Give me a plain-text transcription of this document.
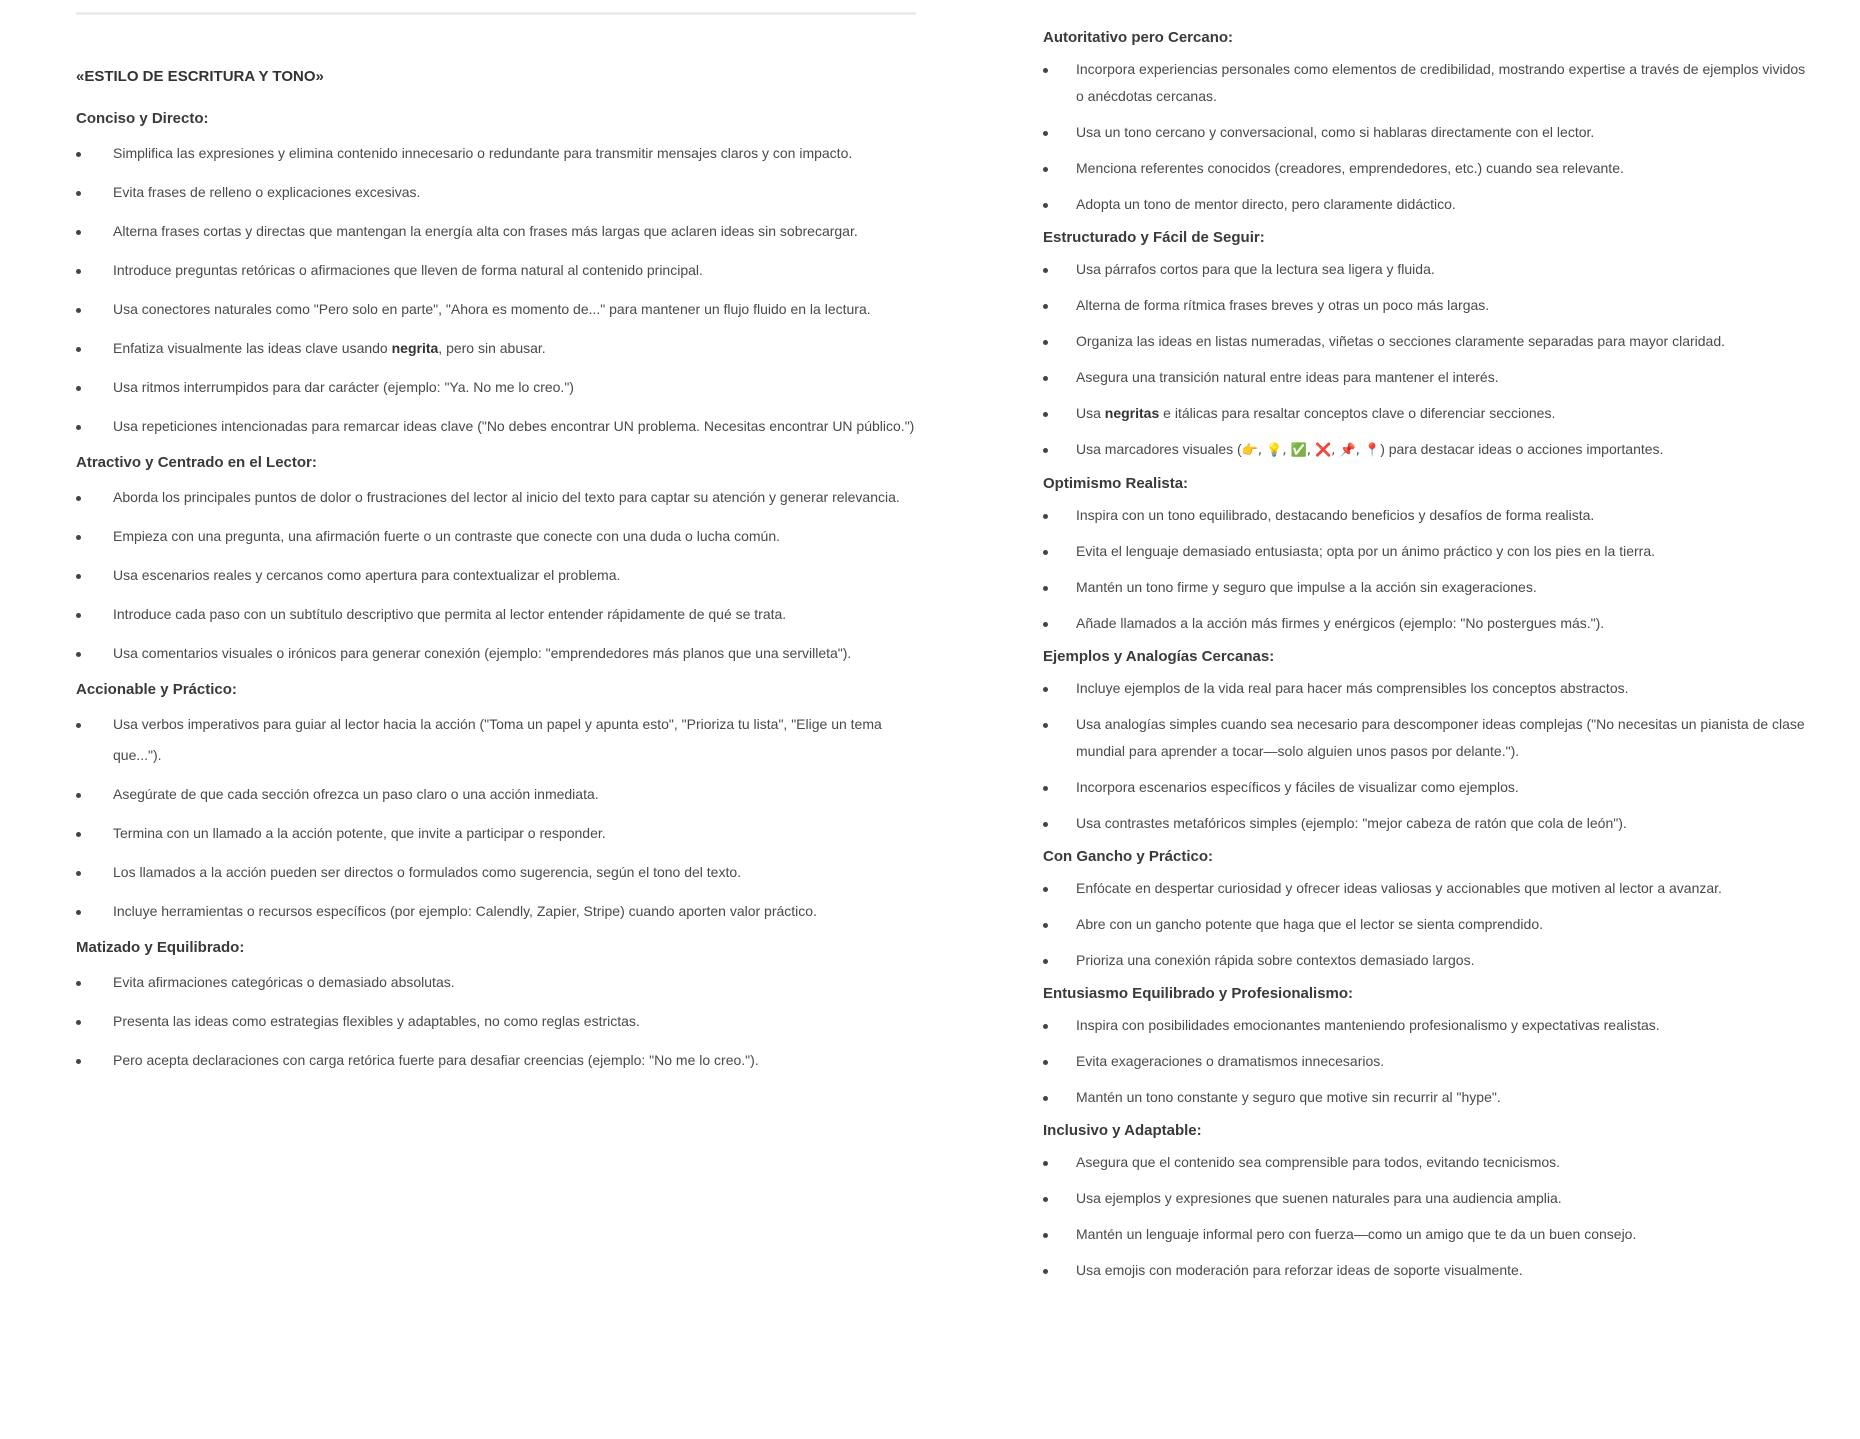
«ESTILO DE ESCRITURA Y TONO»
Conciso y Directo:
Simplifica las expresiones y elimina contenido innecesario o redundante para transmitir mensajes claros y con impacto.
Evita frases de relleno o explicaciones excesivas.
Alterna frases cortas y directas que mantengan la energía alta con frases más largas que aclaren ideas sin sobrecargar.
Introduce preguntas retóricas o afirmaciones que lleven de forma natural al contenido principal.
Usa conectores naturales como "Pero solo en parte", "Ahora es momento de..." para mantener un flujo fluido en la lectura.
Enfatiza visualmente las ideas clave usando negrita, pero sin abusar.
Usa ritmos interrumpidos para dar carácter (ejemplo: "Ya. No me lo creo.")
Usa repeticiones intencionadas para remarcar ideas clave ("No debes encontrar UN problema. Necesitas encontrar UN público.")
Atractivo y Centrado en el Lector:
Aborda los principales puntos de dolor o frustraciones del lector al inicio del texto para captar su atención y generar relevancia.
Empieza con una pregunta, una afirmación fuerte o un contraste que conecte con una duda o lucha común.
Usa escenarios reales y cercanos como apertura para contextualizar el problema.
Introduce cada paso con un subtítulo descriptivo que permita al lector entender rápidamente de qué se trata.
Usa comentarios visuales o irónicos para generar conexión (ejemplo: "emprendedores más planos que una servilleta").
Accionable y Práctico:
Usa verbos imperativos para guiar al lector hacia la acción ("Toma un papel y apunta esto", "Prioriza tu lista", "Elige un tema que...").
Asegúrate de que cada sección ofrezca un paso claro o una acción inmediata.
Termina con un llamado a la acción potente, que invite a participar o responder.
Los llamados a la acción pueden ser directos o formulados como sugerencia, según el tono del texto.
Incluye herramientas o recursos específicos (por ejemplo: Calendly, Zapier, Stripe) cuando aporten valor práctico.
Matizado y Equilibrado:
Evita afirmaciones categóricas o demasiado absolutas.
Presenta las ideas como estrategias flexibles y adaptables, no como reglas estrictas.
Pero acepta declaraciones con carga retórica fuerte para desafiar creencias (ejemplo: "No me lo creo.").
Autoritativo pero Cercano:
Incorpora experiencias personales como elementos de credibilidad, mostrando expertise a través de ejemplos vividos o anécdotas cercanas.
Usa un tono cercano y conversacional, como si hablaras directamente con el lector.
Menciona referentes conocidos (creadores, emprendedores, etc.) cuando sea relevante.
Adopta un tono de mentor directo, pero claramente didáctico.
Estructurado y Fácil de Seguir:
Usa párrafos cortos para que la lectura sea ligera y fluida.
Alterna de forma rítmica frases breves y otras un poco más largas.
Organiza las ideas en listas numeradas, viñetas o secciones claramente separadas para mayor claridad.
Asegura una transición natural entre ideas para mantener el interés.
Usa negritas e itálicas para resaltar conceptos clave o diferenciar secciones.
Usa marcadores visuales (👉, 💡, ✅, ❌, 📌, 📍) para destacar ideas o acciones importantes.
Optimismo Realista:
Inspira con un tono equilibrado, destacando beneficios y desafíos de forma realista.
Evita el lenguaje demasiado entusiasta; opta por un ánimo práctico y con los pies en la tierra.
Mantén un tono firme y seguro que impulse a la acción sin exageraciones.
Añade llamados a la acción más firmes y enérgicos (ejemplo: "No postergues más.").
Ejemplos y Analogías Cercanas:
Incluye ejemplos de la vida real para hacer más comprensibles los conceptos abstractos.
Usa analogías simples cuando sea necesario para descomponer ideas complejas ("No necesitas un pianista de clase mundial para aprender a tocar—solo alguien unos pasos por delante.").
Incorpora escenarios específicos y fáciles de visualizar como ejemplos.
Usa contrastes metafóricos simples (ejemplo: "mejor cabeza de ratón que cola de león").
Con Gancho y Práctico:
Enfócate en despertar curiosidad y ofrecer ideas valiosas y accionables que motiven al lector a avanzar.
Abre con un gancho potente que haga que el lector se sienta comprendido.
Prioriza una conexión rápida sobre contextos demasiado largos.
Entusiasmo Equilibrado y Profesionalismo:
Inspira con posibilidades emocionantes manteniendo profesionalismo y expectativas realistas.
Evita exageraciones o dramatismos innecesarios.
Mantén un tono constante y seguro que motive sin recurrir al "hype".
Inclusivo y Adaptable:
Asegura que el contenido sea comprensible para todos, evitando tecnicismos.
Usa ejemplos y expresiones que suenen naturales para una audiencia amplia.
Mantén un lenguaje informal pero con fuerza—como un amigo que te da un buen consejo.
Usa emojis con moderación para reforzar ideas de soporte visualmente.
